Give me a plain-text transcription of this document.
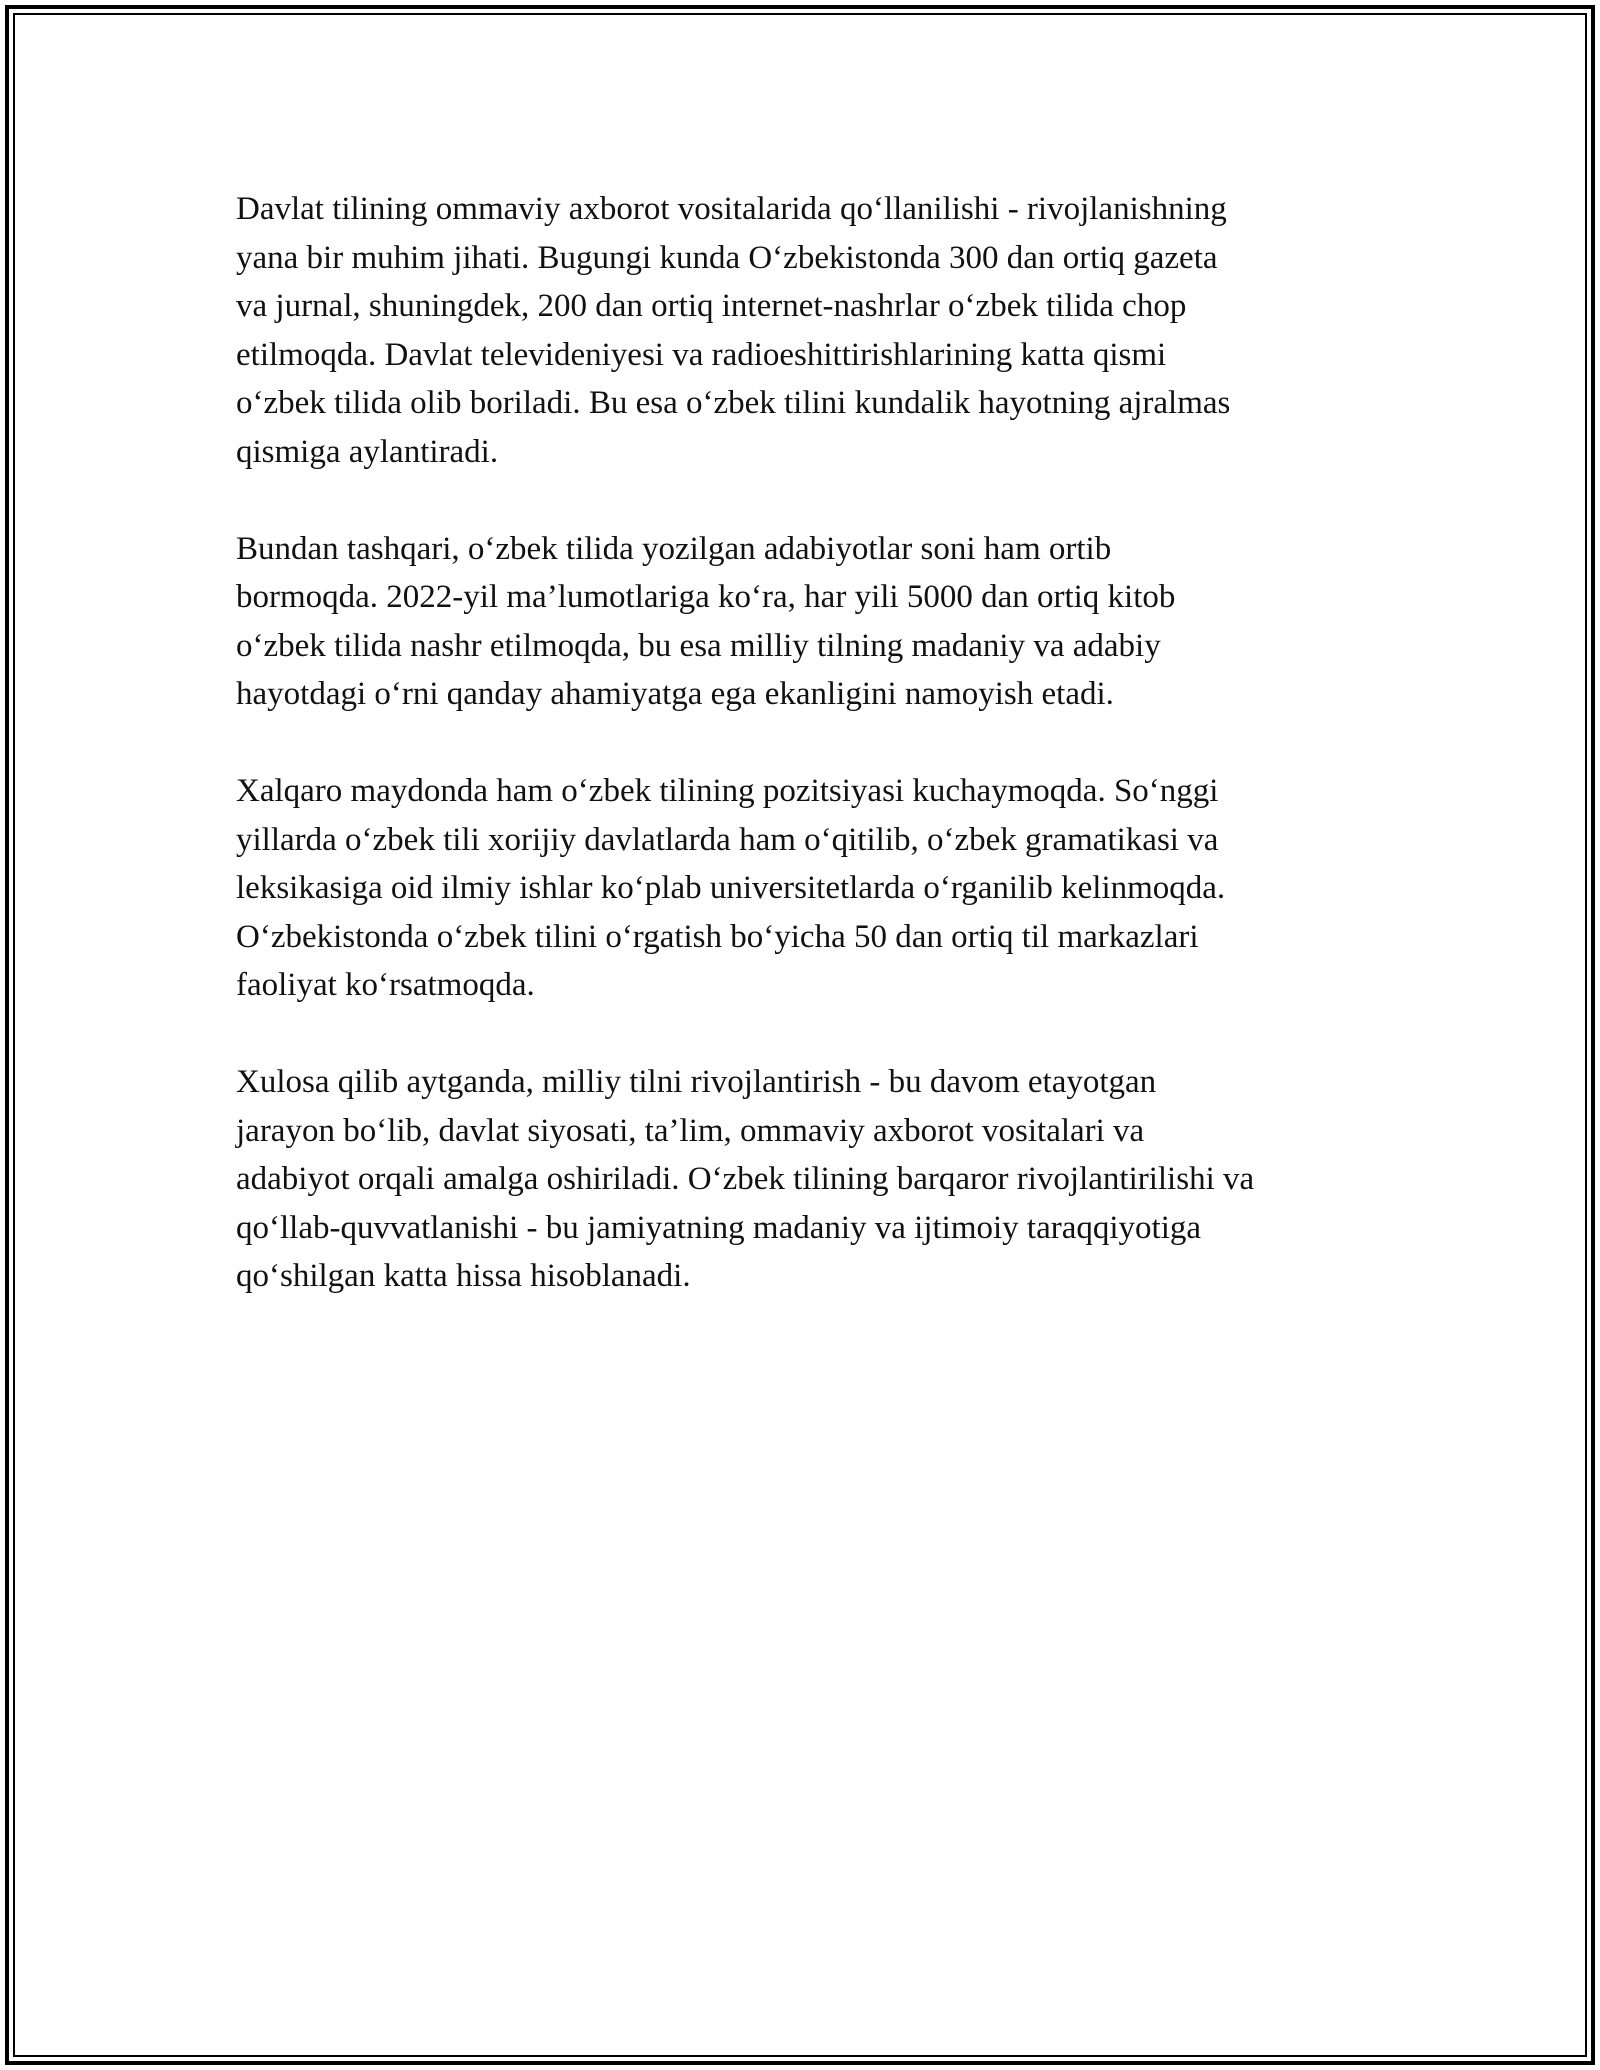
Davlat tilining ommaviy axborot vositalarida qo‘llanilishi - rivojlanishning
yana bir muhim jihati. Bugungi kunda O‘zbekistonda 300 dan ortiq gazeta
va jurnal, shuningdek, 200 dan ortiq internet-nashrlar o‘zbek tilida chop
etilmoqda. Davlat televideniyesi va radioeshittirishlarining katta qismi
o‘zbek tilida olib boriladi. Bu esa o‘zbek tilini kundalik hayotning ajralmas
qismiga aylantiradi.

Bundan tashqari, o‘zbek tilida yozilgan adabiyotlar soni ham ortib
bormoqda. 2022-yil ma’lumotlariga ko‘ra, har yili 5000 dan ortiq kitob
o‘zbek tilida nashr etilmoqda, bu esa milliy tilning madaniy va adabiy
hayotdagi o‘rni qanday ahamiyatga ega ekanligini namoyish etadi.

Xalqaro maydonda ham o‘zbek tilining pozitsiyasi kuchaymoqda. So‘nggi
yillarda o‘zbek tili xorijiy davlatlarda ham o‘qitilib, o‘zbek gramatikasi va
leksikasiga oid ilmiy ishlar ko‘plab universitetlarda o‘rganilib kelinmoqda.
O‘zbekistonda o‘zbek tilini o‘rgatish bo‘yicha 50 dan ortiq til markazlari
faoliyat ko‘rsatmoqda.

Xulosa qilib aytganda, milliy tilni rivojlantirish - bu davom etayotgan
jarayon bo‘lib, davlat siyosati, ta’lim, ommaviy axborot vositalari va
adabiyot orqali amalga oshiriladi. O‘zbek tilining barqaror rivojlantirilishi va
qo‘llab-quvvatlanishi - bu jamiyatning madaniy va ijtimoiy taraqqiyotiga
qo‘shilgan katta hissa hisoblanadi.
